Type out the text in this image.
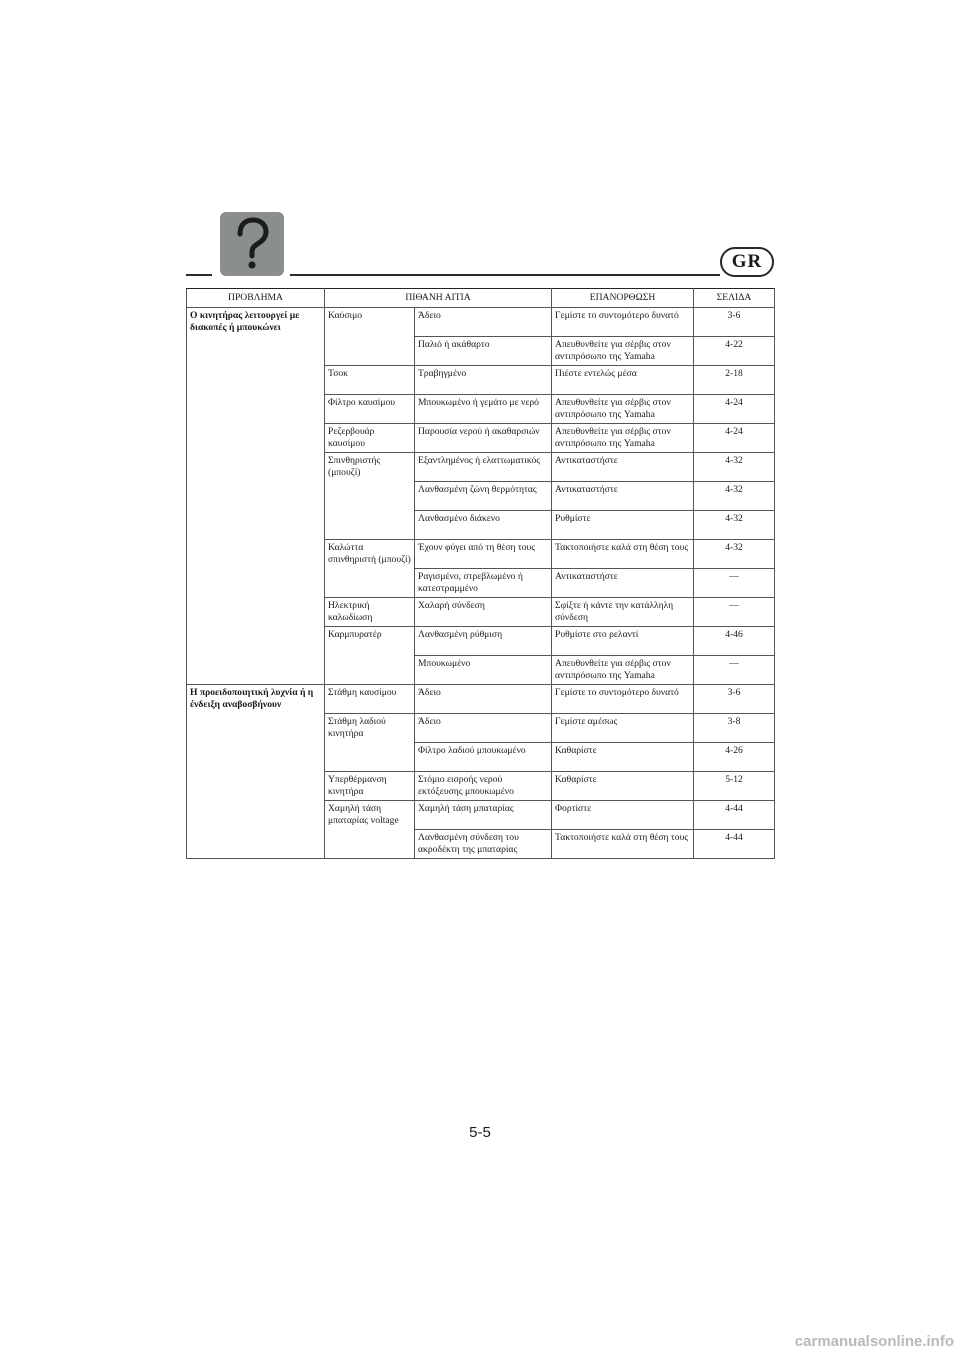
GR
ΠΡΟΒΛΗΜΑ	ΠΙΘΑΝΗ ΑΙΤΙΑ		ΕΠΑΝΟΡΘΩΣΗ	ΣΕΛΙΔΑ
Ο κινητήρας λειτουργεί με διακοπές ή μπουκώνει	Καύσιμο	Άδειο	Γεμίστε το συντομότερο δυνατό	3-6
		Παλιό ή ακάθαρτο	Απευθυνθείτε για σέρβις στον αντιπρόσωπο της Yamaha	4-22
	Τσοκ	Τραβηγμένο	Πιέστε εντελώς μέσα	2-18
	Φίλτρο καυσίμου	Μπουκωμένο ή γεμάτο με νερό	Απευθυνθείτε για σέρβις στον αντιπρόσωπο της Yamaha	4-24
	Ρεζερβουάρ καυσίμου	Παρουσία νερού ή ακαθαρσιών	Απευθυνθείτε για σέρβις στον αντιπρόσωπο της Yamaha	4-24
	Σπινθηριστής (μπουζί)	Εξαντλημένος ή ελαττωματικός	Αντικαταστήστε	4-32
		Λανθασμένη ζώνη θερμότητας	Αντικαταστήστε	4-32
		Λανθασμένο διάκενο	Ρυθμίστε	4-32
	Καλώττα σπινθηριστή (μπουζί)	Έχουν φύγει από τη θέση τους	Τακτοποιήστε καλά στη θέση τους	4-32
		Ραγισμένο, στρεβλωμένο ή κατεστραμμένο	Αντικαταστήστε	—
	Ηλεκτρική καλωδίωση	Χαλαρή σύνδεση	Σφίξτε ή κάντε την κατάλληλη σύνδεση	—
	Καρμπυρατέρ	Λανθασμένη ρύθμιση	Ρυθμίστε στο ρελαντί	4-46
		Μπουκωμένο	Απευθυνθείτε για σέρβις στον αντιπρόσωπο της Yamaha	—
Η προειδοποιητική λυχνία ή η ένδειξη αναβοσβήνουν	Στάθμη καυσίμου	Άδειο	Γεμίστε το συντομότερο δυνατό	3-6
	Στάθμη λαδιού κινητήρα	Άδειο	Γεμίστε αμέσως	3-8
		Φίλτρο λαδιού μπουκωμένο	Καθαρίστε	4-26
	Υπερθέρμανση κινητήρα	Στόμιο εισροής νερού εκτόξευσης μπουκωμένο	Καθαρίστε	5-12
	Χαμηλή τάση μπαταρίας voltage	Χαμηλή τάση μπαταρίας	Φορτίστε	4-44
		Λανθασμένη σύνδεση του ακροδέκτη της μπαταρίας	Τακτοποιήστε καλά στη θέση τους	4-44
5-5
carmanualsonline.info
